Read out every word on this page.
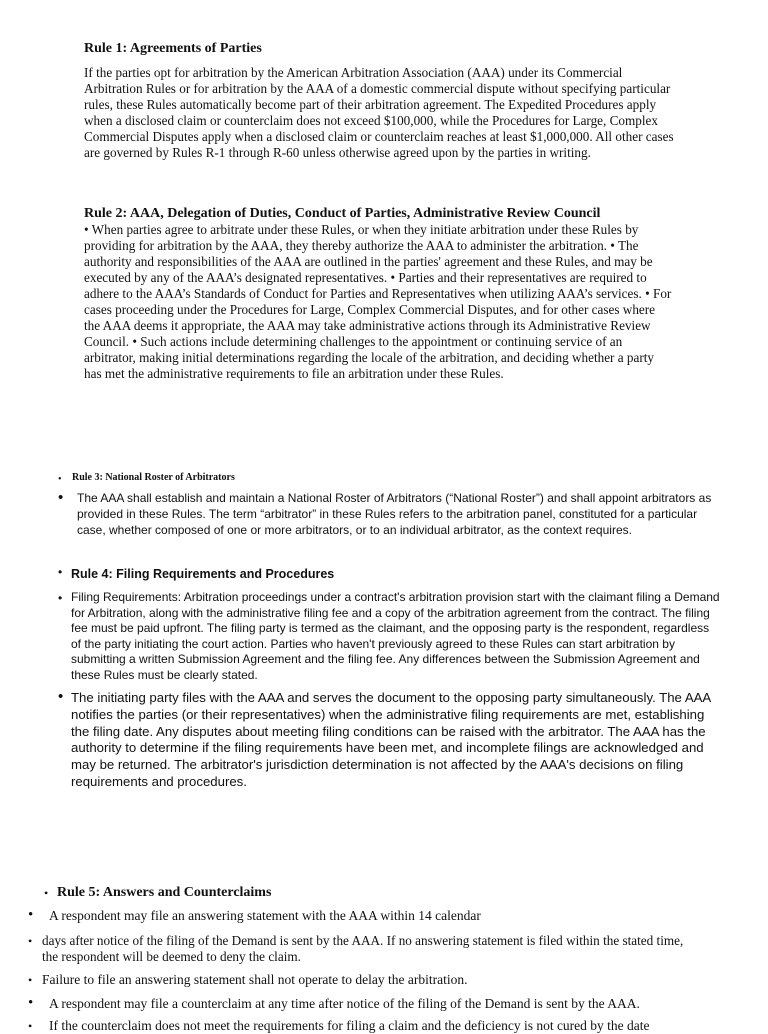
Rule 1: Agreements of Parties

If the parties opt for arbitration by the American Arbitration Association (AAA) under its Commercial Arbitration Rules or for arbitration by the AAA of a domestic commercial dispute without specifying particular rules, these Rules automatically become part of their arbitration agreement. The Expedited Procedures apply when a disclosed claim or counterclaim does not exceed $100,000, while the Procedures for Large, Complex Commercial Disputes apply when a disclosed claim or counterclaim reaches at least $1,000,000. All other cases are governed by Rules R-1 through R-60 unless otherwise agreed upon by the parties in writing.

Rule 2: AAA, Delegation of Duties, Conduct of Parties, Administrative Review Council

• When parties agree to arbitrate under these Rules, or when they initiate arbitration under these Rules by providing for arbitration by the AAA, they thereby authorize the AAA to administer the arbitration. • The authority and responsibilities of the AAA are outlined in the parties' agreement and these Rules, and may be executed by any of the AAA’s designated representatives. • Parties and their representatives are required to adhere to the AAA’s Standards of Conduct for Parties and Representatives when utilizing AAA’s services. • For cases proceeding under the Procedures for Large, Complex Commercial Disputes, and for other cases where the AAA deems it appropriate, the AAA may take administrative actions through its Administrative Review Council. • Such actions include determining challenges to the appointment or continuing service of an arbitrator, making initial determinations regarding the locale of the arbitration, and deciding whether a party has met the administrative requirements to file an arbitration under these Rules.

• Rule 3: National Roster of Arbitrators
• The AAA shall establish and maintain a National Roster of Arbitrators (“National Roster”) and shall appoint arbitrators as provided in these Rules. The term “arbitrator” in these Rules refers to the arbitration panel, constituted for a particular case, whether composed of one or more arbitrators, or to an individual arbitrator, as the context requires.

• Rule 4: Filing Requirements and Procedures
• Filing Requirements: Arbitration proceedings under a contract's arbitration provision start with the claimant filing a Demand for Arbitration, along with the administrative filing fee and a copy of the arbitration agreement from the contract. The filing fee must be paid upfront. The filing party is termed as the claimant, and the opposing party is the respondent, regardless of the party initiating the court action. Parties who haven't previously agreed to these Rules can start arbitration by submitting a written Submission Agreement and the filing fee. Any differences between the Submission Agreement and these Rules must be clearly stated.

• The initiating party files with the AAA and serves the document to the opposing party simultaneously. The AAA notifies the parties (or their representatives) when the administrative filing requirements are met, establishing the filing date. Any disputes about meeting filing conditions can be raised with the arbitrator. The AAA has the authority to determine if the filing requirements have been met, and incomplete filings are acknowledged and may be returned. The arbitrator's jurisdiction determination is not affected by the AAA's decisions on filing requirements and procedures.

• Rule 5: Answers and Counterclaims
• A respondent may file an answering statement with the AAA within 14 calendar
• days after notice of the filing of the Demand is sent by the AAA. If no answering statement is filed within the stated time, the respondent will be deemed to deny the claim.

• Failure to file an answering statement shall not operate to delay the arbitration.
• A respondent may file a counterclaim at any time after notice of the filing of the Demand is sent by the AAA.
• If the counterclaim does not meet the requirements for filing a claim and the deficiency is not cured by the date
